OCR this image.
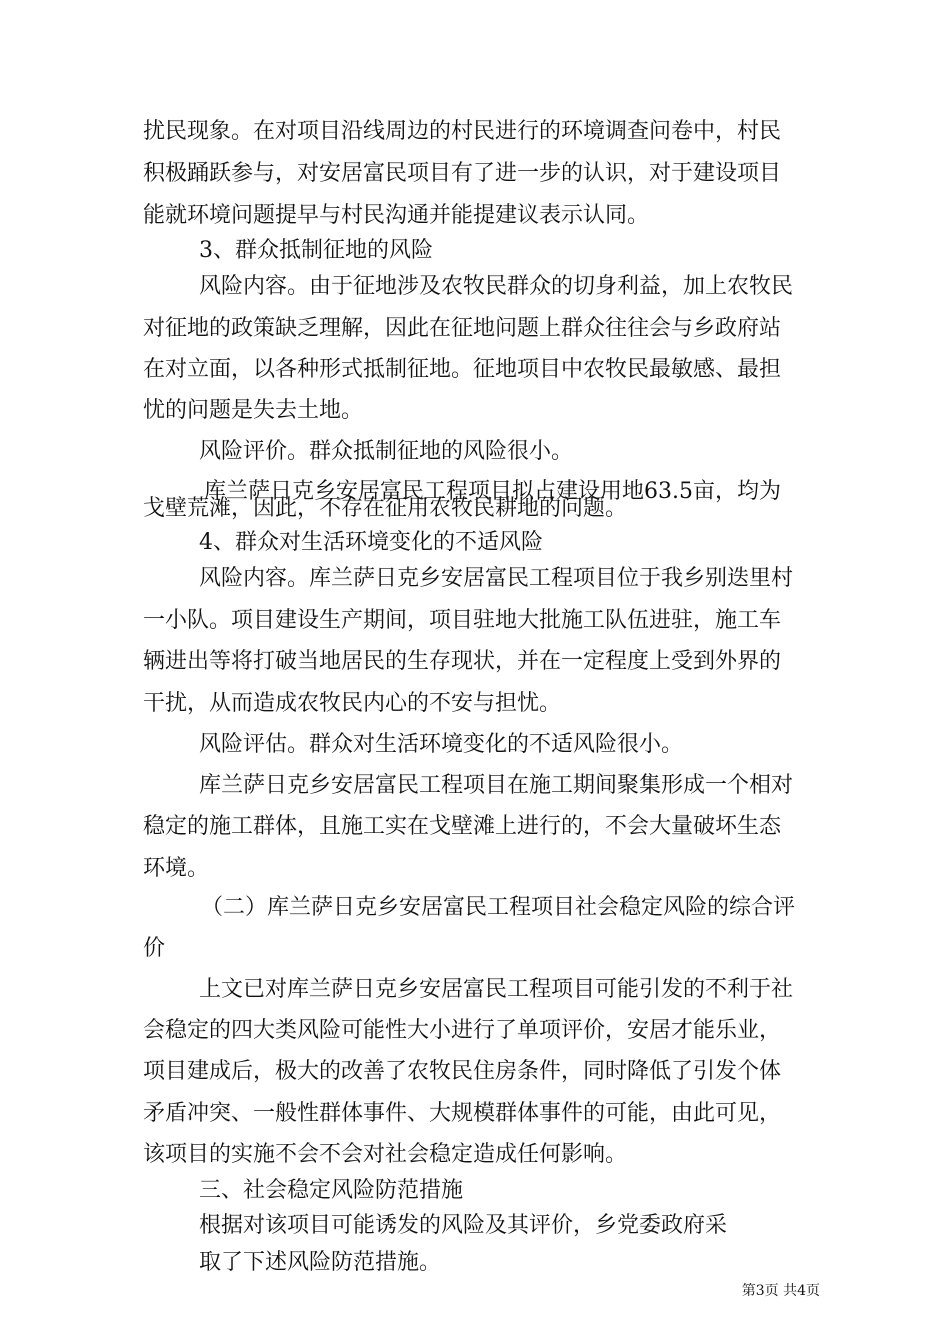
扰民现象。在对项目沿线周边的村民进行的环境调查问卷中，村民
积极踊跃参与，对安居富民项目有了进一步的认识，对于建设项目
能就环境问题提早与村民沟通并能提建议表示认同。
3、群众抵制征地的风险
风险内容。由于征地涉及农牧民群众的切身利益，加上农牧民
对征地的政策缺乏理解，因此在征地问题上群众往往会与乡政府站
在对立面，以各种形式抵制征地。征地项目中农牧民最敏感、最担
忧的问题是失去土地。
风险评价。群众抵制征地的风险很小。
库兰萨日克乡安居富民工程项目拟占建设用地63.5亩，均为
戈壁荒滩，因此，不存在征用农牧民耕地的问题。
4、群众对生活环境变化的不适风险
风险内容。库兰萨日克乡安居富民工程项目位于我乡别迭里村
一小队。项目建设生产期间，项目驻地大批施工队伍进驻，施工车
辆进出等将打破当地居民的生存现状，并在一定程度上受到外界的
干扰，从而造成农牧民内心的不安与担忧。
风险评估。群众对生活环境变化的不适风险很小。
库兰萨日克乡安居富民工程项目在施工期间聚集形成一个相对
稳定的施工群体，且施工实在戈壁滩上进行的，不会大量破坏生态
环境。
（二）库兰萨日克乡安居富民工程项目社会稳定风险的综合评
价
上文已对库兰萨日克乡安居富民工程项目可能引发的不利于社
会稳定的四大类风险可能性大小进行了单项评价，安居才能乐业，
项目建成后，极大的改善了农牧民住房条件，同时降低了引发个体
矛盾冲突、一般性群体事件、大规模群体事件的可能，由此可见，
该项目的实施不会不会对社会稳定造成任何影响。
三、社会稳定风险防范措施
根据对该项目可能诱发的风险及其评价，乡党委政府采
取了下述风险防范措施。
第3页 共4页
